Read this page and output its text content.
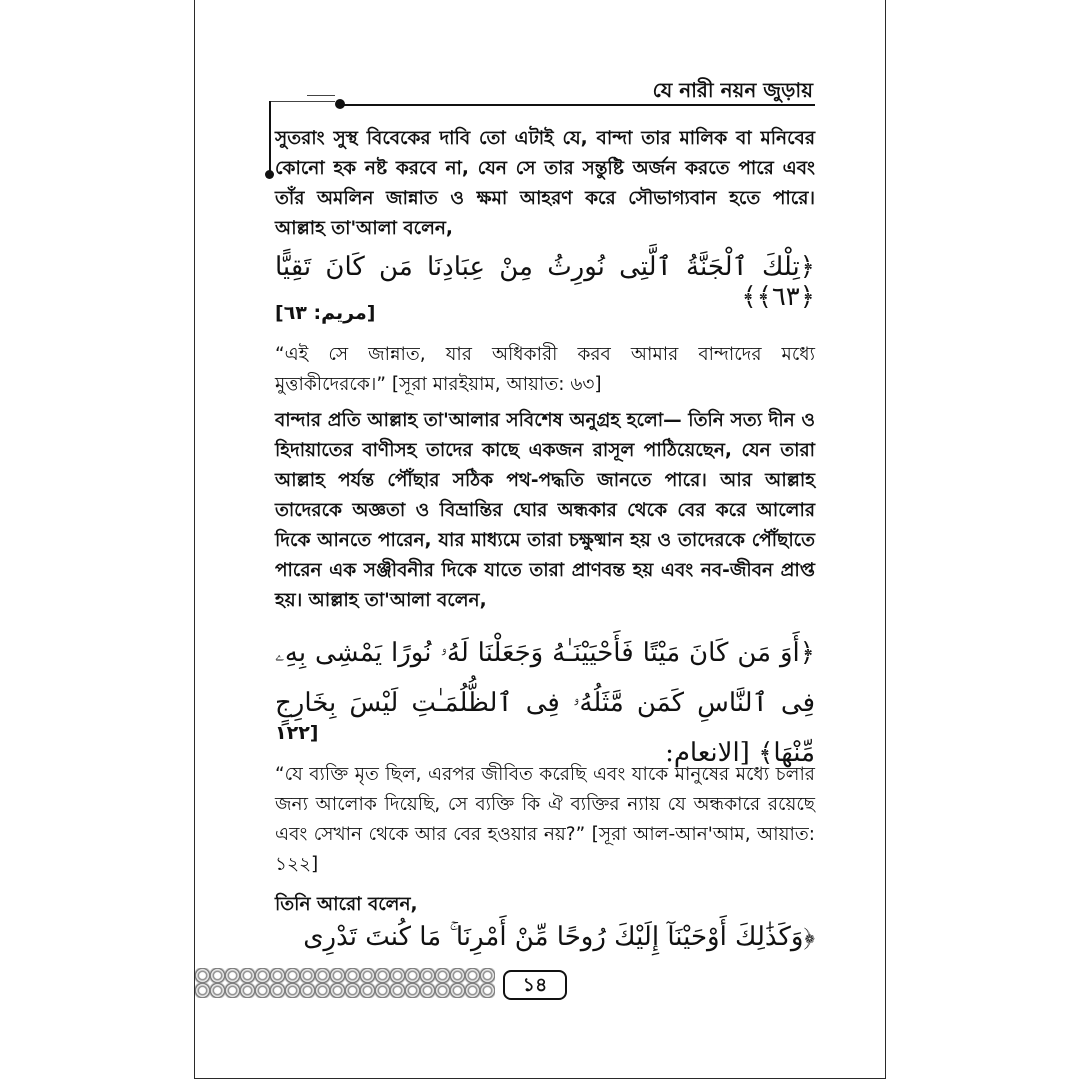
যে নারী নয়ন জুড়ায়

সুতরাং সুস্থ বিবেকের দাবি তো এটাই যে, বান্দা তার মালিক বা মনিবের কোনো হক নষ্ট করবে না, যেন সে তার সন্তুষ্টি অর্জন করতে পারে এবং তাঁর অমলিন জান্নাত ও ক্ষমা আহরণ করে সৌভাগ্যবান হতে পারে। আল্লাহ তা'আলা বলেন,

﴿تِلْكَ ٱلْجَنَّةُ ٱلَّتِى نُورِثُ مِنْ عِبَادِنَا مَن كَانَ تَقِيًّا ﴿٦٣﴾﴾

[مريم: ٦٣]

“এই সে জান্নাত, যার অধিকারী করব আমার বান্দাদের মধ্যে মুত্তাকীদেরকে।” [সূরা মারইয়াম, আয়াত: ৬৩]

বান্দার প্রতি আল্লাহ তা'আলার সবিশেষ অনুগ্রহ হলো— তিনি সত্য দীন ও হিদায়াতের বাণীসহ তাদের কাছে একজন রাসূল পাঠিয়েছেন, যেন তারা আল্লাহ পর্যন্ত পৌঁছার সঠিক পথ-পদ্ধতি জানতে পারে। আর আল্লাহ তাদেরকে অজ্ঞতা ও বিভ্রান্তির ঘোর অন্ধকার থেকে বের করে আলোর দিকে আনতে পারেন, যার মাধ্যমে তারা চক্ষুষ্মান হয় ও তাদেরকে পৌঁছাতে পারেন এক সঞ্জীবনীর দিকে যাতে তারা প্রাণবন্ত হয় এবং নব-জীবন প্রাপ্ত হয়। আল্লাহ তা'আলা বলেন,

﴿أَوَ مَن كَانَ مَيْتًا فَأَحْيَيْنَـٰهُ وَجَعَلْنَا لَهُۥ نُورًا يَمْشِى بِهِۦ فِى ٱلنَّاسِ كَمَن مَّثَلُهُۥ فِى ٱلظُّلُمَـٰتِ لَيْسَ بِخَارِجٍ مِّنْهَا﴾ [الانعام:

١٢٢]

“যে ব্যক্তি মৃত ছিল, এরপর জীবিত করেছি এবং যাকে মানুষের মধ্যে চলার জন্য আলোক দিয়েছি, সে ব্যক্তি কি ঐ ব্যক্তির ন্যায় যে অন্ধকারে রয়েছে এবং সেখান থেকে আর বের হওয়ার নয়?” [সূরা আল-আন'আম, আয়াত: ১২২]

তিনি আরো বলেন,

﴿وَكَذَٰلِكَ أَوْحَيْنَآ إِلَيْكَ رُوحًا مِّنْ أَمْرِنَا ۚ مَا كُنتَ تَدْرِى

১৪
